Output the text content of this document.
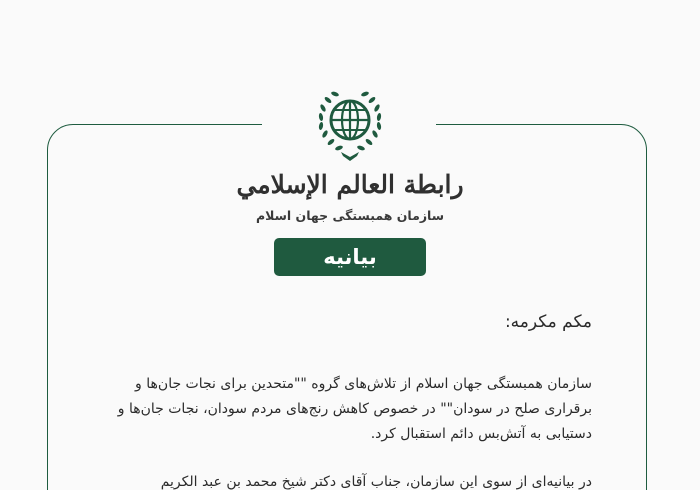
رابطة العالم الإسلامي
سازمان همبستگی جهان اسلام
بیانیه
مکم مکرمه:
سازمان همبستگی جهان اسلام از تلاش‌های گروه ""متحدین برای نجات جان‌ها و
برقراری صلح در سودان"" در خصوص کاهش رنج‌های مردم سودان، نجات جان‌ها و
دستیابی به آتش‌بس دائم استقبال کرد.
در بیانیه‌ای از سوی این سازمان، جناب آقای دکتر شیخ محمد بن عبد الکریم
